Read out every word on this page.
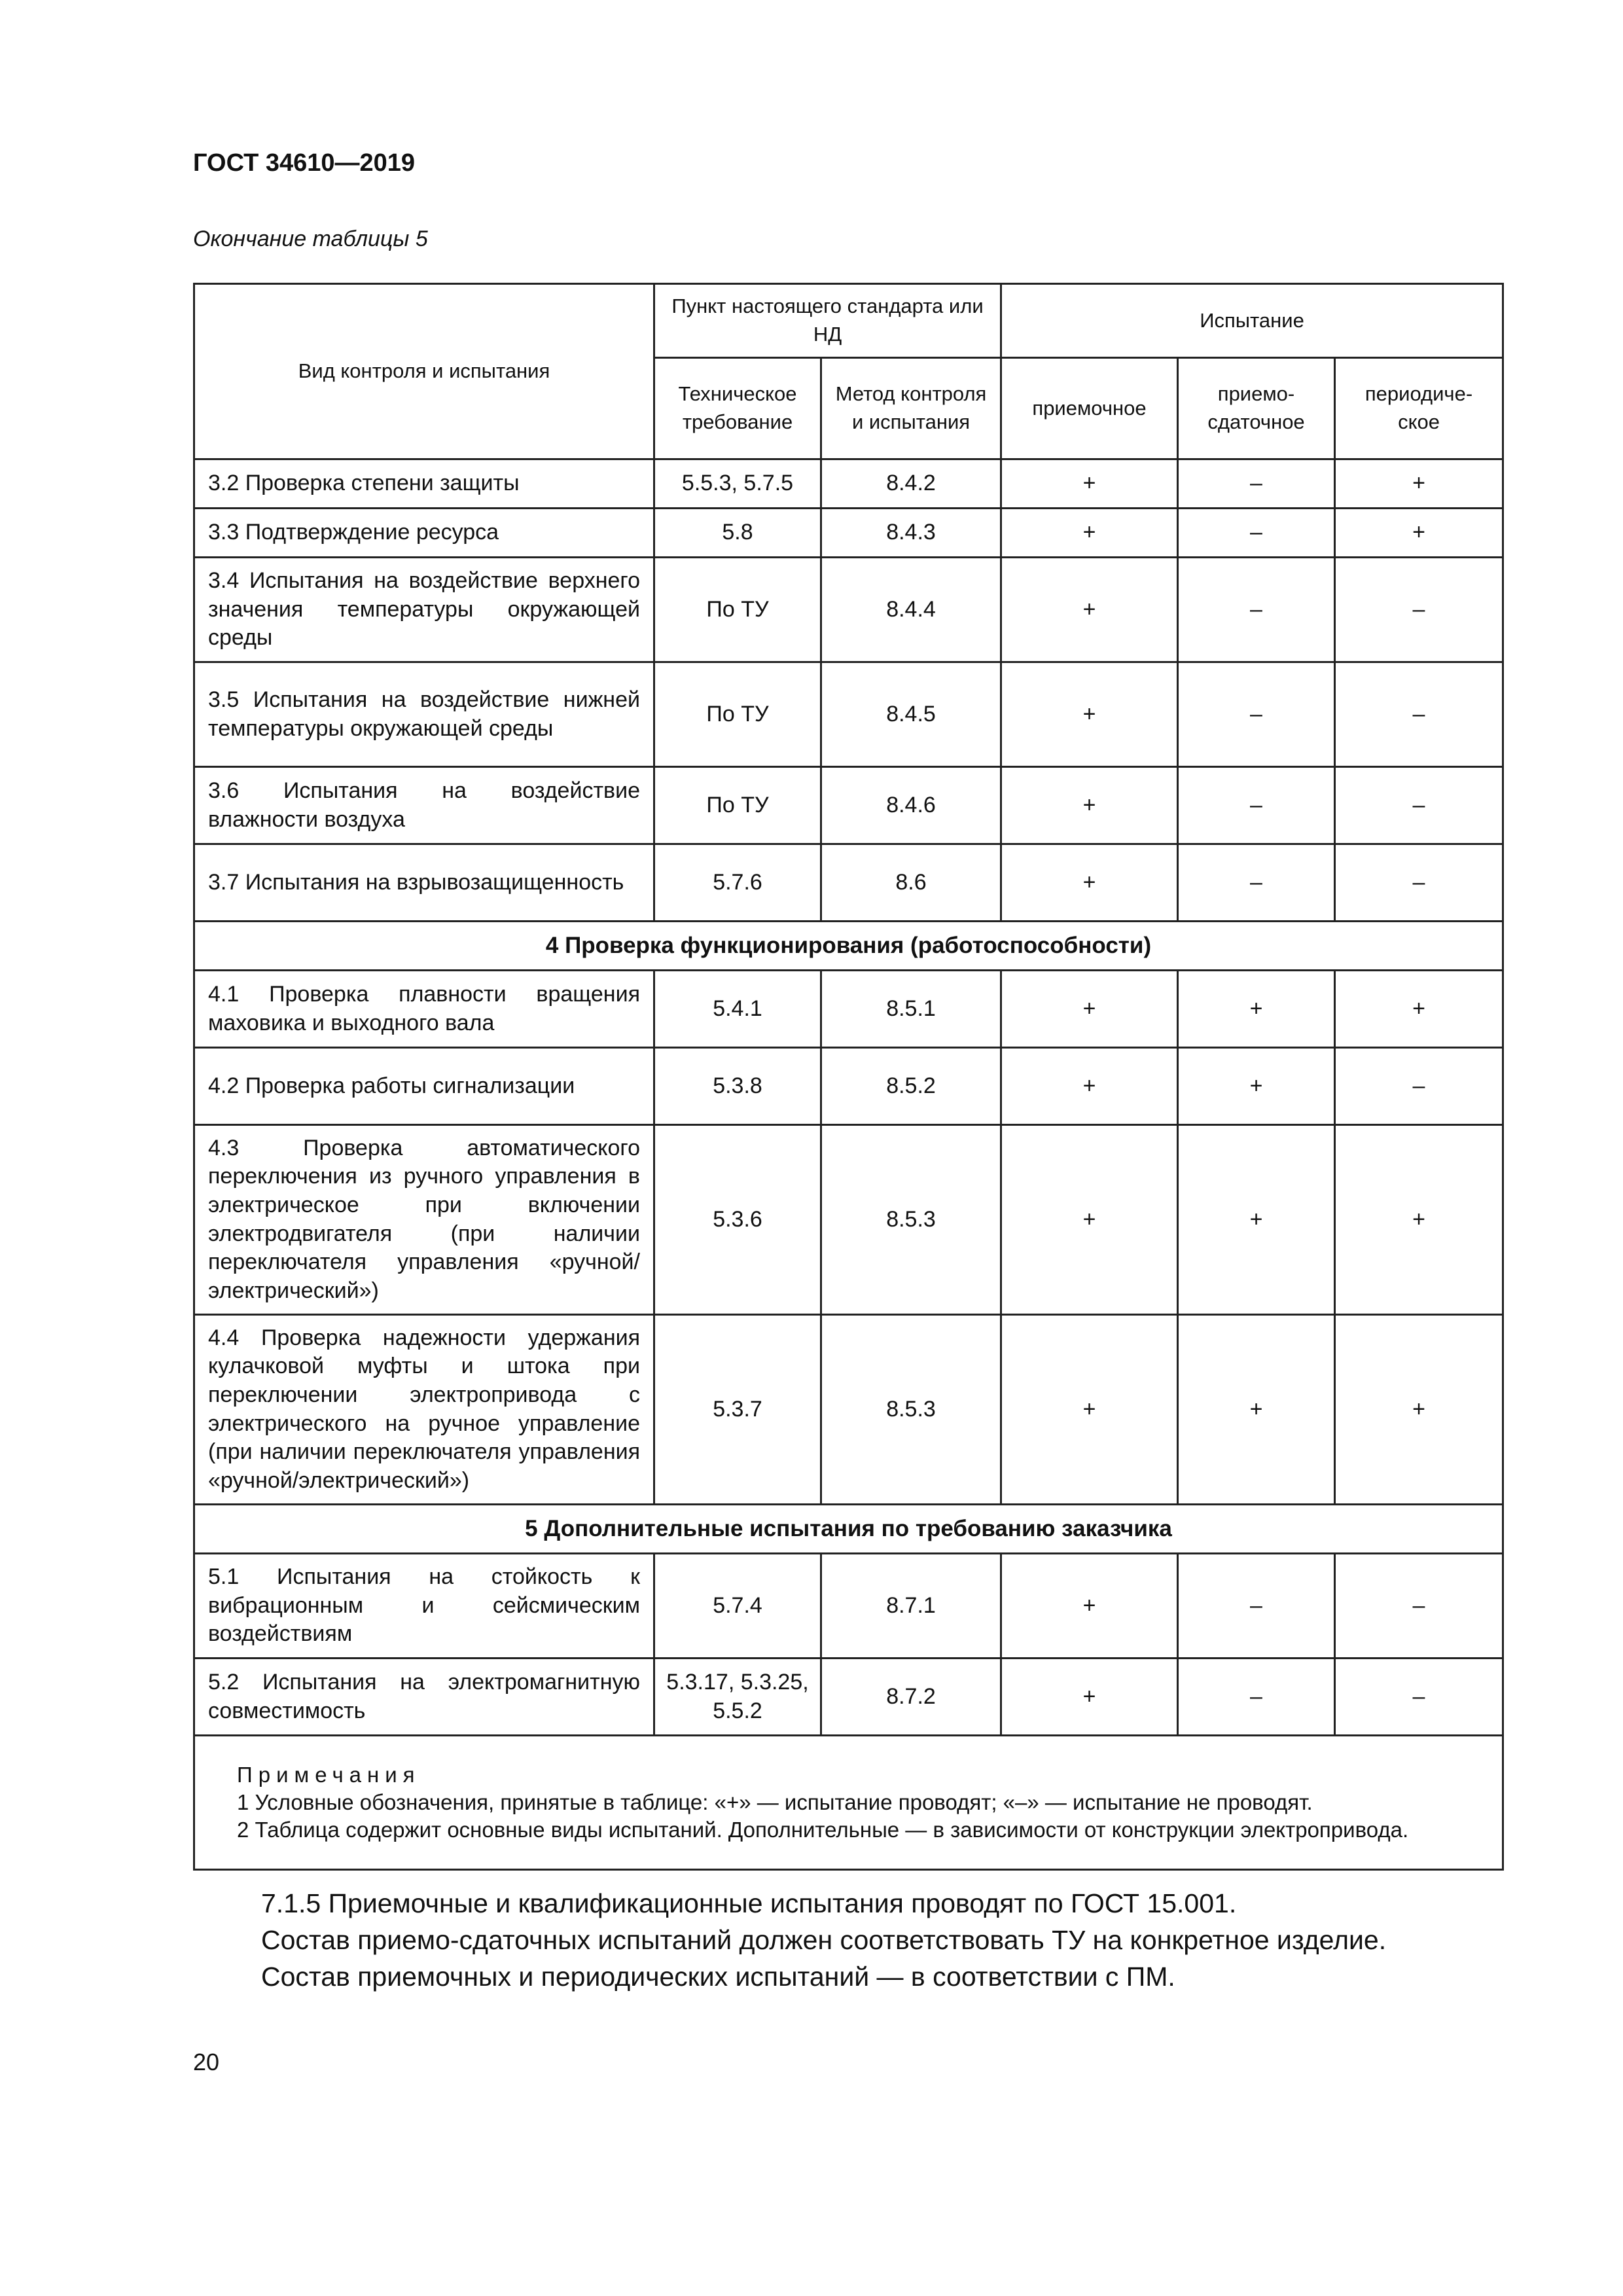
ГОСТ 34610—2019
Окончание таблицы 5
Вид контроля и испытания	Пункт настоящего стандарта или НД		Испытание		
	Техническое требование	Метод контроля и испытания	приемочное	приемо-сдаточное	периодиче-ское
3.2 Проверка степени защиты	5.5.3, 5.7.5	8.4.2	+	–	+
3.3 Подтверждение ресурса	5.8	8.4.3	+	–	+
3.4 Испытания на воздействие верхнего значения температуры окружающей среды	По ТУ	8.4.4	+	–	–
3.5 Испытания на воздействие нижней температуры окружающей среды	По ТУ	8.4.5	+	–	–
3.6 Испытания на воздействие влажности воздуха	По ТУ	8.4.6	+	–	–
3.7 Испытания на взрывозащищенность	5.7.6	8.6	+	–	–
4 Проверка функционирования (работоспособности)					
4.1 Проверка плавности вращения маховика и выходного вала	5.4.1	8.5.1	+	+	+
4.2 Проверка работы сигнализации	5.3.8	8.5.2	+	+	–
4.3 Проверка автоматического переключения из ручного управления в электрическое при включении электродвигателя (при наличии переключателя управления «ручной/электрический»)	5.3.6	8.5.3	+	+	+
4.4 Проверка надежности удержания кулачковой муфты и штока при переключении электропривода с электрического на ручное управление (при наличии переключателя управления «ручной/электрический»)	5.3.7	8.5.3	+	+	+
5 Дополнительные испытания по требованию заказчика					
5.1 Испытания на стойкость к вибрационным и сейсмическим воздействиям	5.7.4	8.7.1	+	–	–
5.2 Испытания на электромагнитную совместимость	5.3.17, 5.3.25, 5.5.2	8.7.2	+	–	–

Примечания
1 Условные обозначения, принятые в таблице: «+» — испытание проводят; «–» — испытание не проводят.
2 Таблица содержит основные виды испытаний. Дополнительные — в зависимости от конструкции электропривода.					
7.1.5 Приемочные и квалификационные испытания проводят по ГОСТ 15.001.
Состав приемо-сдаточных испытаний должен соответствовать ТУ на конкретное изделие.
Состав приемочных и периодических испытаний — в соответствии с ПМ.
20
